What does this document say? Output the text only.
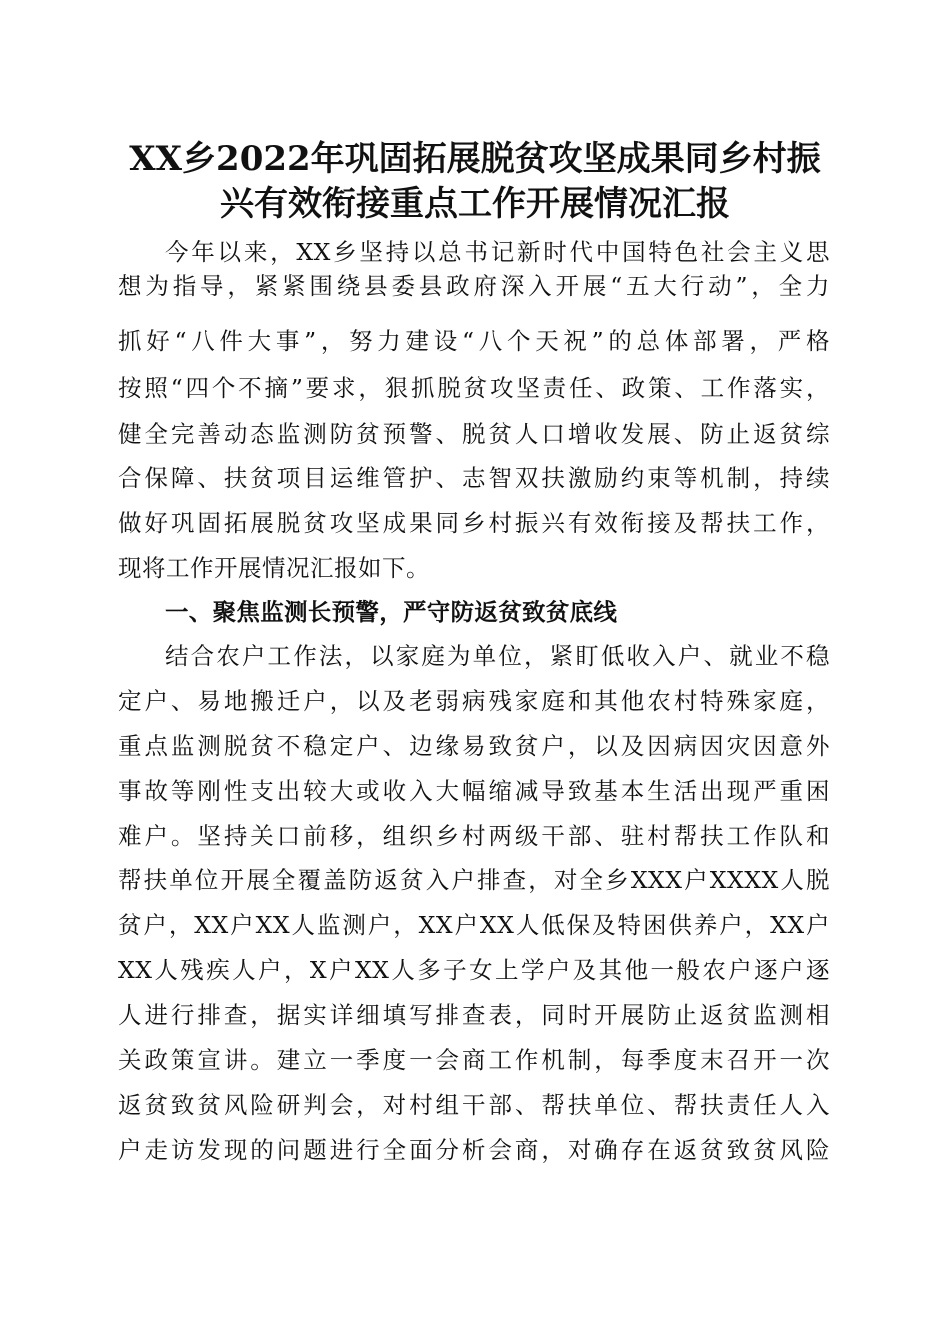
XX乡2022年巩固拓展脱贫攻坚成果同乡村振
兴有效衔接重点工作开展情况汇报

今年以来，XX乡坚持以总书记新时代中国特色社会主义思

想为指导，紧紧围绕县委县政府深入开展“五大行动”，全力

抓好“八件大事”，努力建设“八个天祝”的总体部署，严格

按照“四个不摘”要求，狠抓脱贫攻坚责任、政策、工作落实，

健全完善动态监测防贫预警、脱贫人口增收发展、防止返贫综

合保障、扶贫项目运维管护、志智双扶激励约束等机制，持续

做好巩固拓展脱贫攻坚成果同乡村振兴有效衔接及帮扶工作，

现将工作开展情况汇报如下。

一、聚焦监测长预警，严守防返贫致贫底线

结合农户工作法，以家庭为单位，紧盯低收入户、就业不稳

定户、易地搬迁户，以及老弱病残家庭和其他农村特殊家庭，

重点监测脱贫不稳定户、边缘易致贫户，以及因病因灾因意外

事故等刚性支出较大或收入大幅缩减导致基本生活出现严重困

难户。坚持关口前移，组织乡村两级干部、驻村帮扶工作队和

帮扶单位开展全覆盖防返贫入户排查，对全乡XXX户XXXX人脱

贫户，XX户XX人监测户，XX户XX人低保及特困供养户，XX户

XX人残疾人户，X户XX人多子女上学户及其他一般农户逐户逐

人进行排查，据实详细填写排查表，同时开展防止返贫监测相

关政策宣讲。建立一季度一会商工作机制，每季度末召开一次

返贫致贫风险研判会，对村组干部、帮扶单位、帮扶责任人入

户走访发现的问题进行全面分析会商，对确存在返贫致贫风险
